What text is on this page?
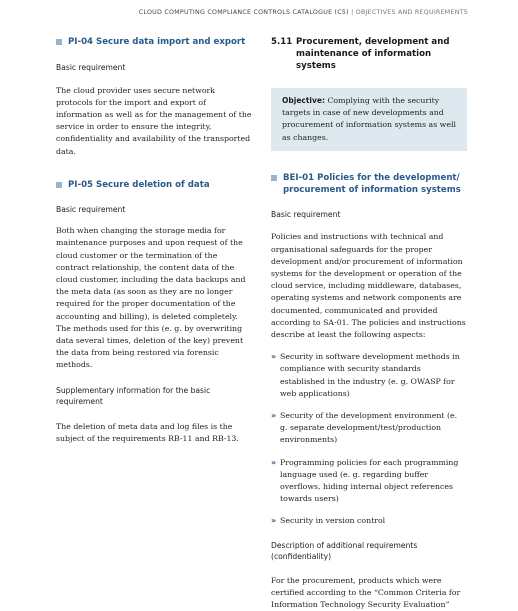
CLOUD COMPUTING COMPLIANCE CONTROLS CATALOGUE (C5) | OBJECTIVES AND REQUIREMENTS
PI-04 Secure data import and export
Basic requirement
The cloud provider uses secure network protocols for the import and export of information as well as for the management of the service in order to ensure the integrity, confidentiality and availability of the transported data.
PI-05 Secure deletion of data
Basic requirement
Both when changing the storage media for maintenance purposes and upon request of the cloud customer or the termination of the contract relationship, the content data of the cloud customer, including the data backups and the meta data (as soon as they are no longer required for the proper documentation of the accounting and billing), is deleted completely. The methods used for this (e. g. by overwriting data several times, deletion of the key) prevent the data from being restored via forensic methods.
Supplementary information for the basic requirement
The deletion of meta data and log files is the subject of the requirements RB-11 and RB-13.
5.11 Procurement, development and maintenance of information systems
Objective: Complying with the security targets in case of new developments and procurement of information systems as well as changes.
BEI-01 Policies for the development/ procurement of information systems
Basic requirement
Policies and instructions with technical and organisational safeguards for the proper development and/or procurement of information systems for the development or operation of the cloud service, including middleware, databases, operating systems and network components are documented, communicated and provided according to SA-01. The policies and instructions describe at least the following aspects:
» Security in software development methods in compliance with security standards established in the industry (e. g. OWASP for web applications)
» Security of the development environment (e. g. separate development/test/production environments)
» Programming policies for each programming language used (e. g. regarding buffer overflows, hiding internal object references towards users)
» Security in version control
Description of additional requirements (confidentiality)
For the procurement, products which were certified according to the “Common Criteria for Information Technology Security Evaluation”
